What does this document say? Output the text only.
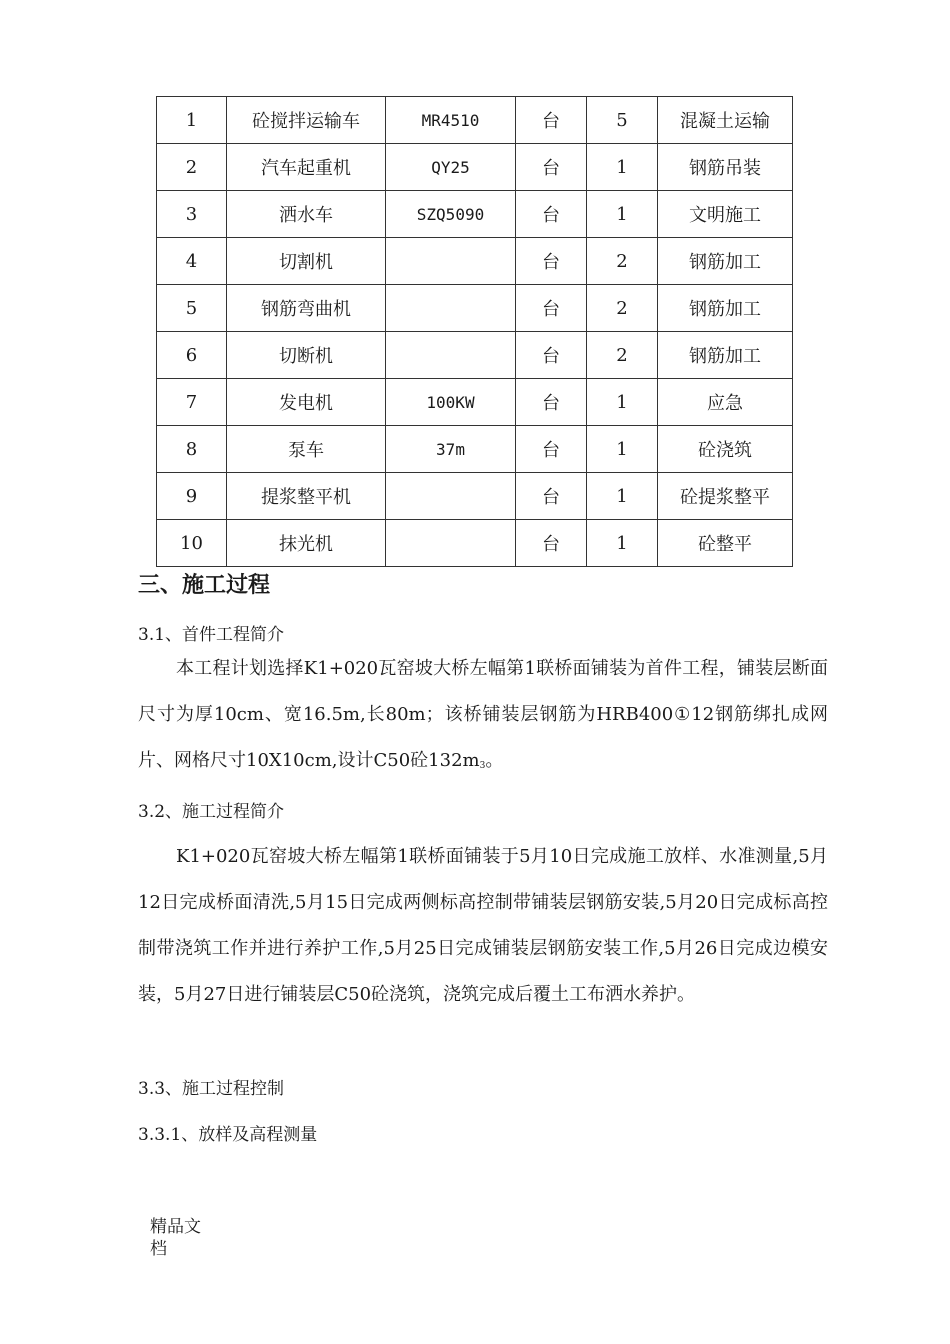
1	砼搅拌运输车	MR4510	台	5	混凝土运输
2	汽车起重机	QY25	台	1	钢筋吊装
3	洒水车	SZQ5090	台	1	文明施工
4	切割机		台	2	钢筋加工
5	钢筋弯曲机		台	2	钢筋加工
6	切断机		台	2	钢筋加工
7	发电机	100KW	台	1	应急
8	泵车	37m	台	1	砼浇筑
9	提浆整平机		台	1	砼提浆整平
10	抹光机		台	1	砼整平
三、施工过程

3.1、首件工程简介

本工程计划选择K1+020瓦窑坡大桥左幅第1联桥面铺装为首件工程，铺装层断面尺寸为厚10cm、宽16.5m,长80m；该桥铺装层钢筋为HRB400①12钢筋绑扎成网片、网格尺寸10X10cm,设计C50砼$132m_3$。

3.2、施工过程简介

K1+020瓦窑坡大桥左幅第1联桥面铺装于5月10日完成施工放样、水准测量,5月12日完成桥面清洗,5月15日完成两侧标高控制带铺装层钢筋安装,5月20日完成标高控制带浇筑工作并进行养护工作,5月25日完成铺装层钢筋安装工作,5月26日完成边模安装，5月27日进行铺装层C50砼浇筑，浇筑完成后覆土工布洒水养护。

3.3、施工过程控制

3.3.1、放样及高程测量

精品文档
